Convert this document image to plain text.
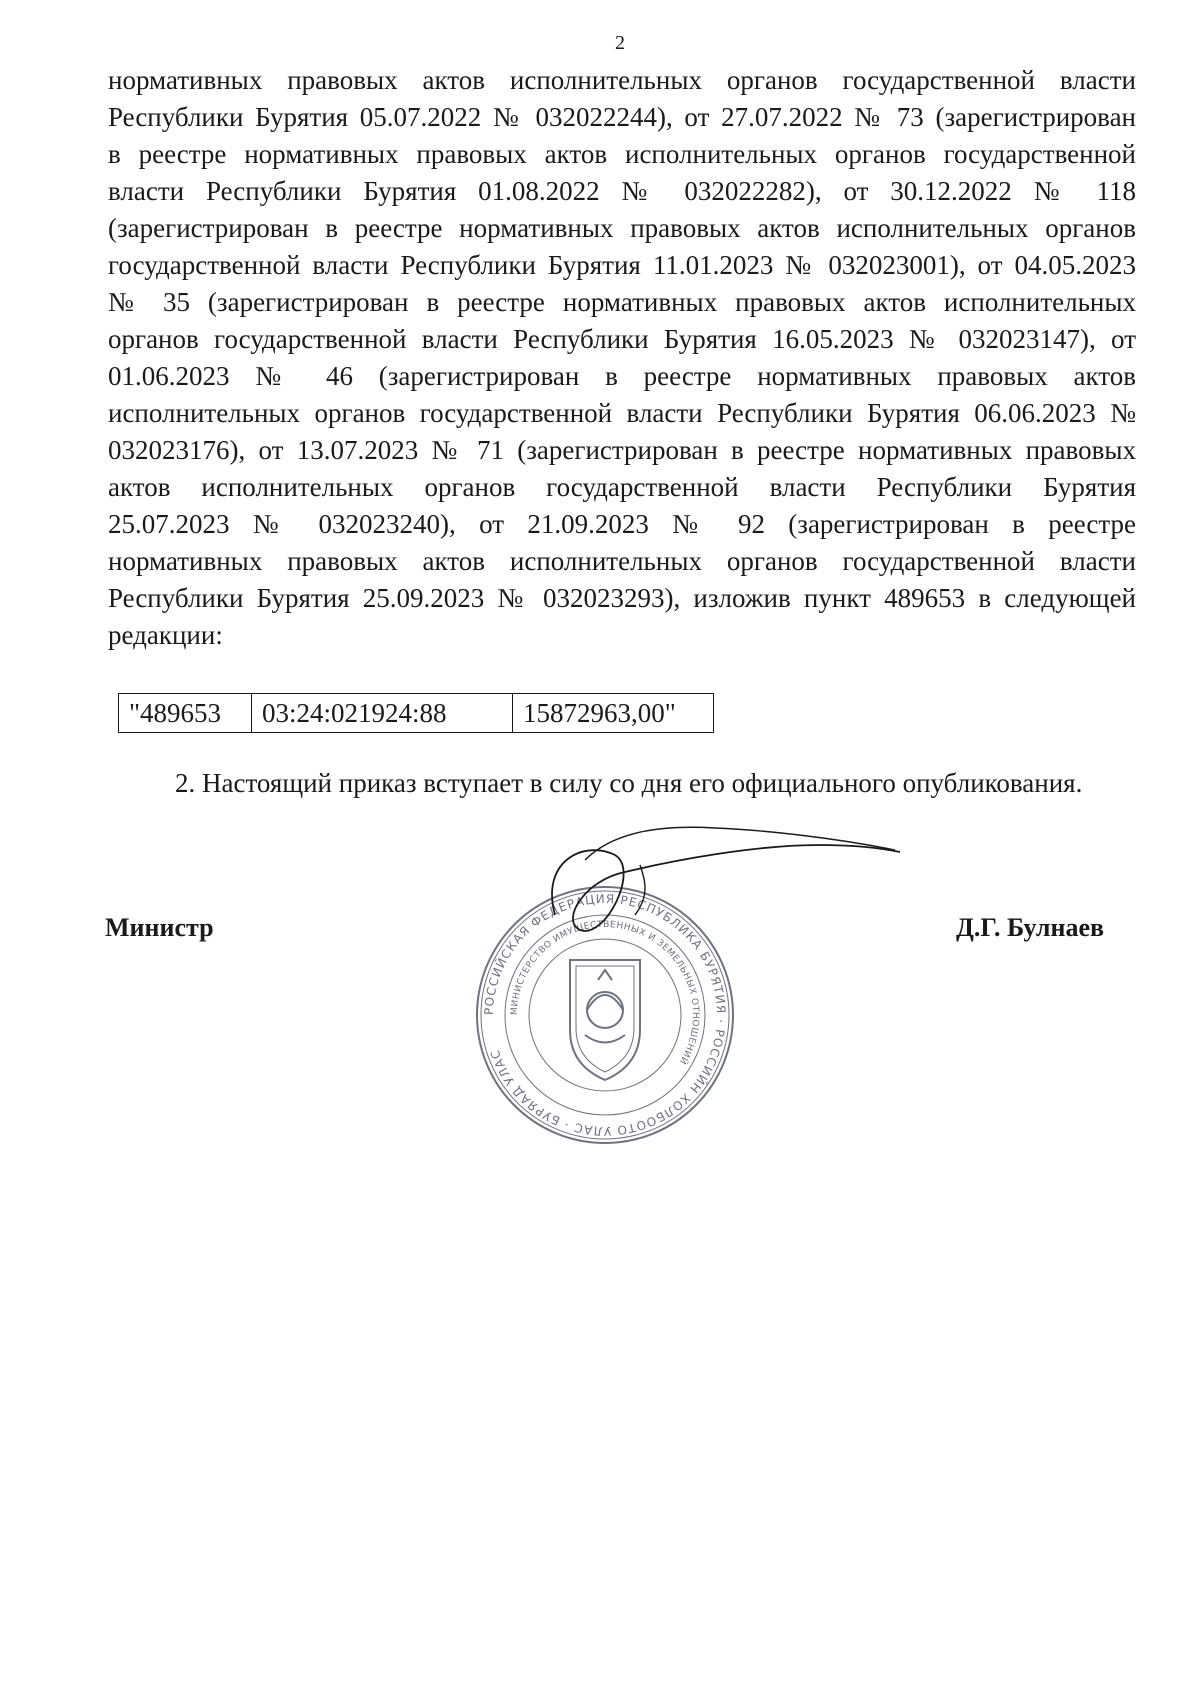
2
нормативных правовых актов исполнительных органов государственной власти
Республики Бурятия 05.07.2022 № 032022244), от 27.07.2022 № 73 (зарегистрирован
в реестре нормативных правовых актов исполнительных органов государственной
власти Республики Бурятия 01.08.2022 № 032022282), от 30.12.2022 № 118
(зарегистрирован в реестре нормативных правовых актов исполнительных органов
государственной власти Республики Бурятия 11.01.2023 № 032023001), от 04.05.2023
№ 35 (зарегистрирован в реестре нормативных правовых актов исполнительных
органов государственной власти Республики Бурятия 16.05.2023 № 032023147), от
01.06.2023 № 46 (зарегистрирован в реестре нормативных правовых актов
исполнительных органов государственной власти Республики Бурятия 06.06.2023 №
032023176), от 13.07.2023 № 71 (зарегистрирован в реестре нормативных правовых
актов исполнительных органов государственной власти Республики Бурятия
25.07.2023 № 032023240), от 21.09.2023 № 92 (зарегистрирован в реестре
нормативных правовых актов исполнительных органов государственной власти
Республики Бурятия 25.09.2023 № 032023293), изложив пункт 489653 в следующей
редакции:
"489653	03:24:021924:88	15872963,00"
2. Настоящий приказ вступает в силу со дня его официального опубликования.
Министр	Д.Г. Булнаев
РОССИЙСКАЯ ФЕДЕРАЦИЯ РЕСПУБЛИКА БУРЯТИЯ · РОССИЙН ХОЛБООТО УЛАС · БУРЯАД УЛАС
МИНИСТЕРСТВО ИМУЩЕСТВЕННЫХ И ЗЕМЕЛЬНЫХ ОТНОШЕНИЙ
